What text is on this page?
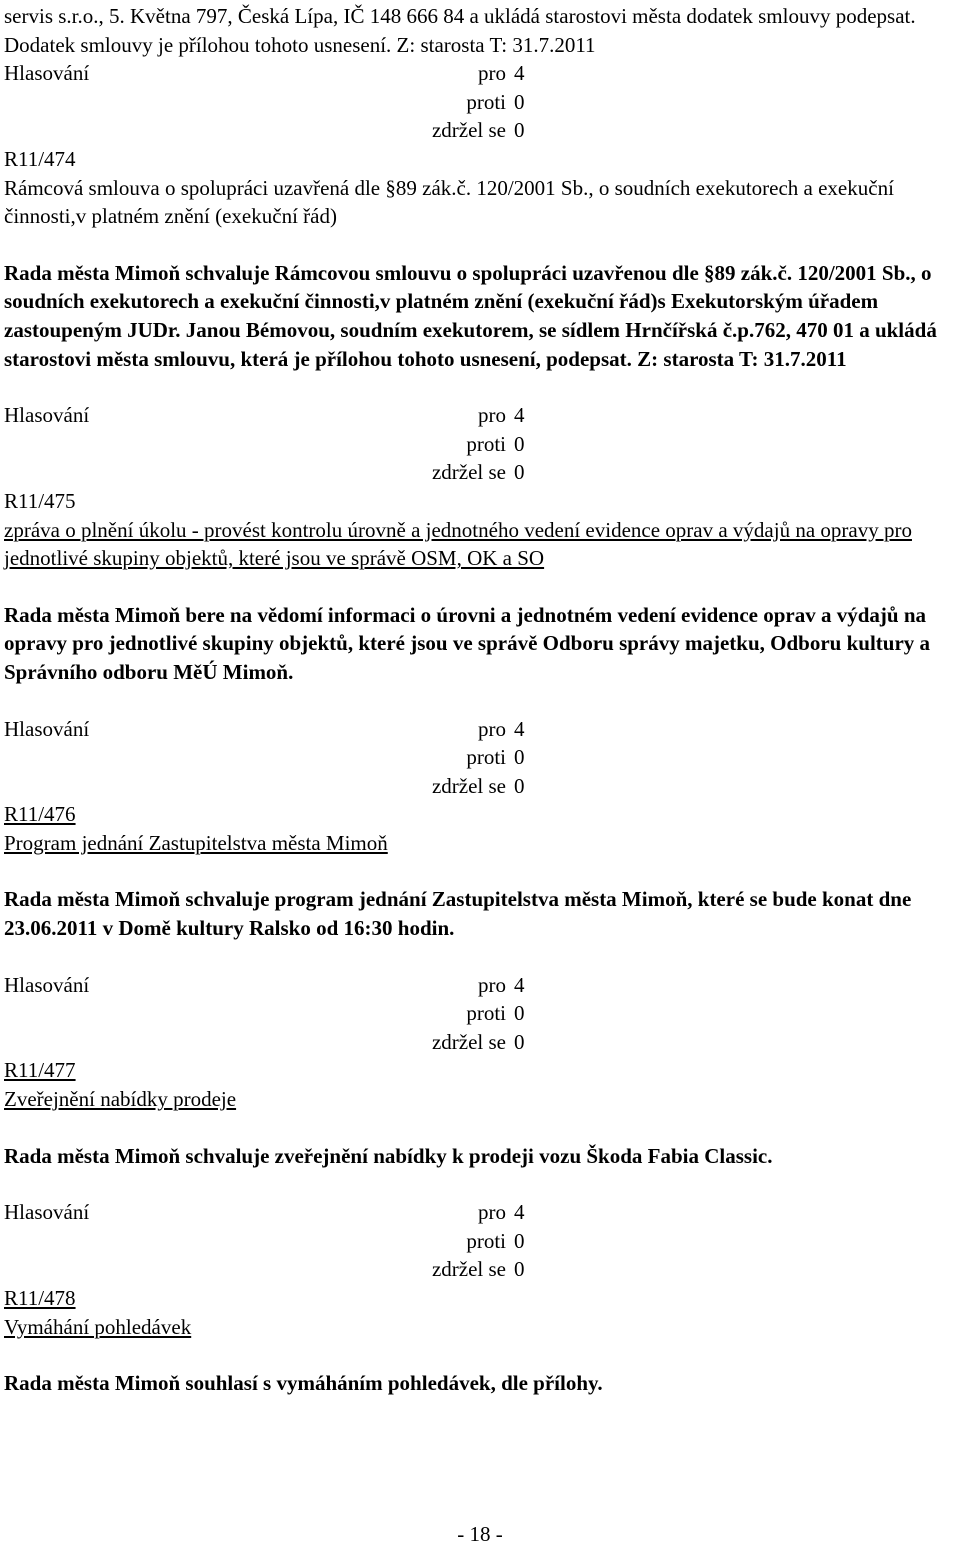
servis s.r.o., 5. Května 797, Česká Lípa, IČ 148 666 84 a ukládá starostovi města dodatek smlouvy podepsat. Dodatek smlouvy je přílohou tohoto usnesení. Z: starosta T: 31.7.2011

Hlasování	pro 4
proti 0
zdržel se 0

R11/474

Rámcová smlouva o spolupráci uzavřená dle §89 zák.č. 120/2001 Sb., o soudních exekutorech a exekuční činnosti,v platném znění (exekuční řád)

Rada města Mimoň schvaluje Rámcovou smlouvu o spolupráci uzavřenou dle §89 zák.č. 120/2001 Sb., o soudních exekutorech a exekuční činnosti,v platném znění (exekuční řád)s Exekutorským úřadem zastoupeným JUDr. Janou Bémovou, soudním exekutorem, se sídlem Hrnčířská č.p.762, 470 01 a ukládá starostovi města smlouvu, která je přílohou tohoto usnesení, podepsat. Z: starosta T: 31.7.2011

Hlasování	pro 4
proti 0
zdržel se 0

R11/475

zpráva o plnění úkolu - provést kontrolu úrovně a jednotného vedení evidence oprav a výdajů na opravy pro jednotlivé skupiny objektů, které jsou ve správě OSM, OK a SO

Rada města Mimoň bere na vědomí informaci o úrovni a jednotném vedení evidence oprav a výdajů na opravy pro jednotlivé skupiny objektů, které jsou ve správě Odboru správy majetku, Odboru kultury a Správního odboru MěÚ Mimoň.

Hlasování	pro 4
proti 0
zdržel se 0

R11/476

Program jednání Zastupitelstva města Mimoň

Rada města Mimoň schvaluje program jednání Zastupitelstva města Mimoň, které se bude konat dne 23.06.2011 v Domě kultury Ralsko od 16:30 hodin.

Hlasování	pro 4
proti 0
zdržel se 0

R11/477

Zveřejnění nabídky prodeje

Rada města Mimoň schvaluje zveřejnění nabídky k prodeji vozu Škoda Fabia Classic.

Hlasování	pro 4
proti 0
zdržel se 0

R11/478

Vymáhání pohledávek

Rada města Mimoň souhlasí s vymáháním pohledávek, dle přílohy.

- 18 -
